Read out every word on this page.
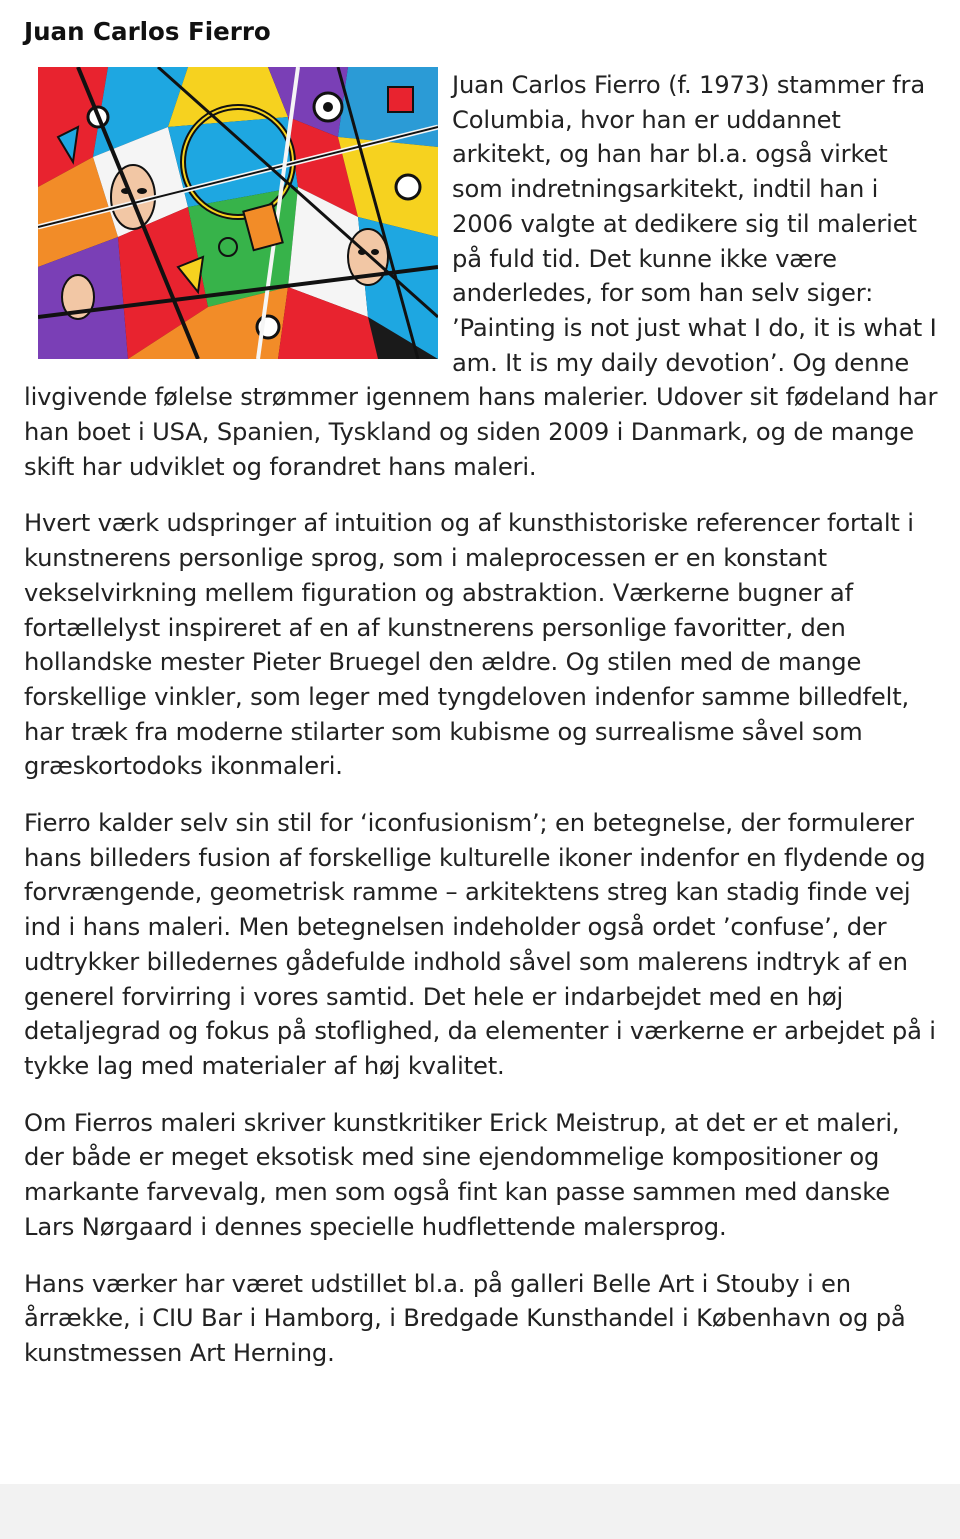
Juan Carlos Fierro

Juan Carlos Fierro (f. 1973) stammer fra Columbia, hvor han er uddannet arkitekt, og han har bl.a. også virket som indretningsarkitekt, indtil han i 2006 valgte at dedikere sig til maleriet på fuld tid. Det kunne ikke være anderledes, for som han selv siger: ’Painting is not just what I do, it is what I am. It is my daily devotion’. Og denne livgivende følelse strømmer igennem hans malerier. Udover sit fødeland har han boet i USA, Spanien, Tyskland og siden 2009 i Danmark, og de mange skift har udviklet og forandret hans maleri.

Hvert værk udspringer af intuition og af kunsthistoriske referencer fortalt i kunstnerens personlige sprog, som i maleprocessen er en konstant vekselvirkning mellem figuration og abstraktion. Værkerne bugner af fortællelyst inspireret af en af kunstnerens personlige favoritter, den hollandske mester Pieter Bruegel den ældre. Og stilen med de mange forskellige vinkler, som leger med tyngdeloven indenfor samme billedfelt, har træk fra moderne stilarter som kubisme og surrealisme såvel som græskortodoks ikonmaleri.

Fierro kalder selv sin stil for ‘iconfusionism’; en betegnelse, der formulerer hans billeders fusion af forskellige kulturelle ikoner indenfor en flydende og forvrængende, geometrisk ramme – arkitektens streg kan stadig finde vej ind i hans maleri. Men betegnelsen indeholder også ordet ’confuse’, der udtrykker billedernes gådefulde indhold såvel som malerens indtryk af en generel forvirring i vores samtid. Det hele er indarbejdet med en høj detaljegrad og fokus på stoflighed, da elementer i værkerne er arbejdet på i tykke lag med materialer af høj kvalitet.

Om Fierros maleri skriver kunstkritiker Erick Meistrup, at det er et maleri, der både er meget eksotisk med sine ejendommelige kompositioner og markante farvevalg, men som også fint kan passe sammen med danske Lars Nørgaard i dennes specielle hudflettende malersprog.

Hans værker har været udstillet bl.a. på galleri Belle Art i Stouby i en årrække, i CIU Bar i Hamborg, i Bredgade Kunsthandel i København og på kunstmessen Art Herning.
